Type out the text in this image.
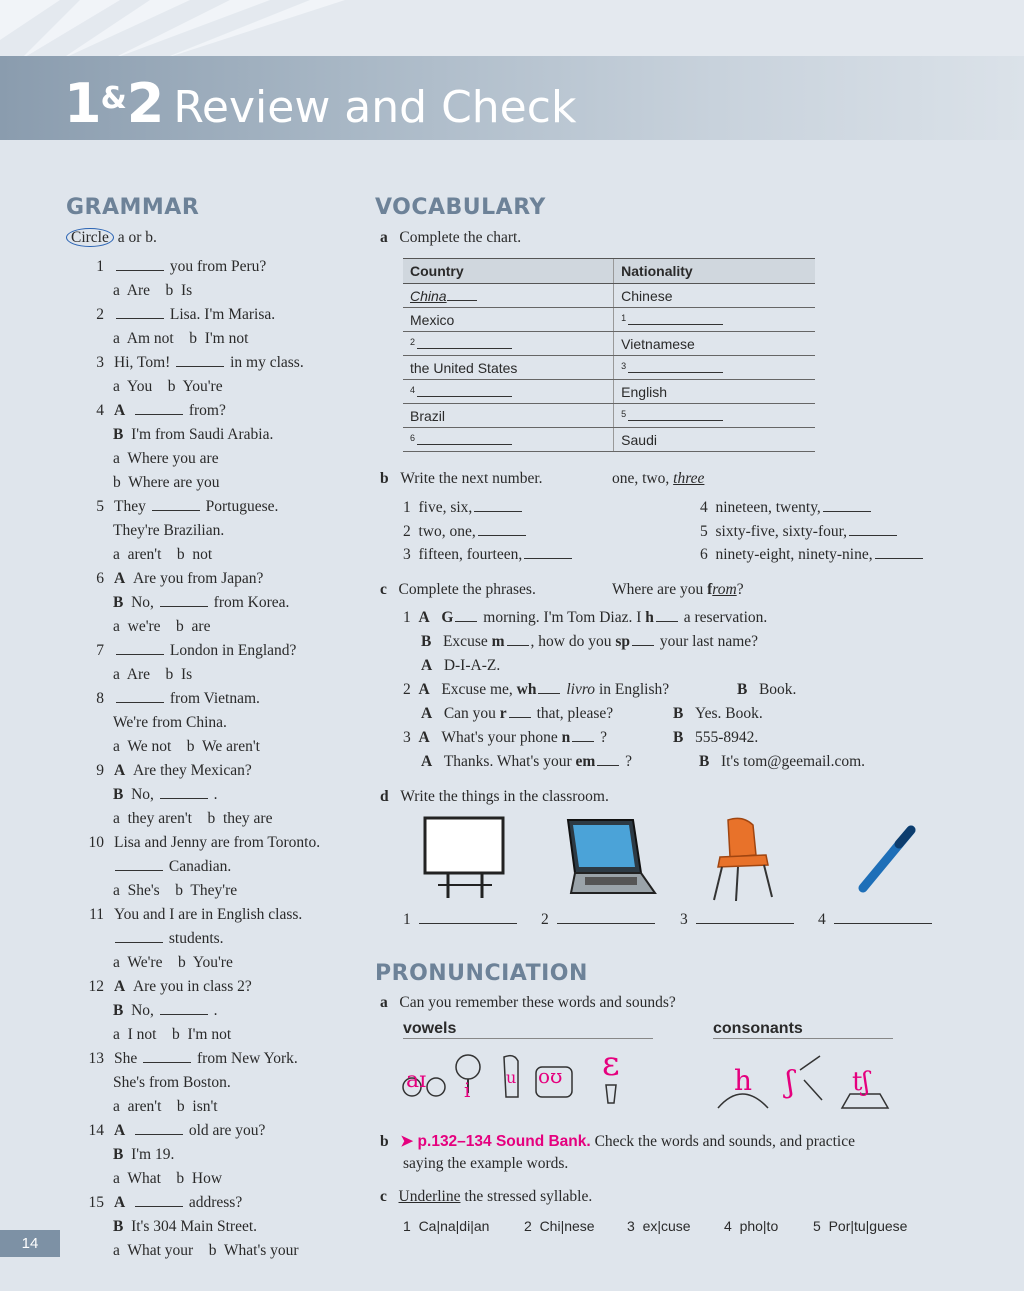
1&2 Review and Check
GRAMMAR
Circle a or b.
1	you from Peru?
a  Are    b  Is
2	Lisa. I'm Marisa.
a  Am not    b  I'm not
3 Hi, Tom!	in my class.
a  You    b  You're
4 A	from?
B I'm from Saudi Arabia.
a  Where you are
b  Where are you
5 They	Portuguese.
They're Brazilian.
a  aren't    b  not
6 A Are you from Japan?
B No,	from Korea.
a  we're    b  are
7	London in England?
a  Are    b  Is
8	from Vietnam.
We're from China.
a  We not    b  We aren't
9 A Are they Mexican?
B No,	.
a  they aren't    b  they are
10 Lisa and Jenny are from Toronto.
Canadian.
a  She's    b  They're
11 You and I are in English class.
students.
a  We're    b  You're
12 A Are you in class 2?
B No,	.
a  I not    b  I'm not
13 She	from New York.
She's from Boston.
a  aren't    b  isn't
14 A	old are you?
B I'm 19.
a  What    b  How
15 A	address?
B It's 304 Main Street.
a  What your    b  What's your
VOCABULARY
a Complete the chart.
Country	Nationality
China	Chinese
Mexico	$^1$
$^2$	Vietnamese
the United States	$^3$
$^4$	English
Brazil	$^5$
$^6$	Saudi
b Write the next number.	one, two, three
1  five, six,
2  two, one,
3  fifteen, fourteen,
4  nineteen, twenty,
5  sixty-five, sixty-four,
6  ninety-eight, ninety-nine,
c Complete the phrases.	Where are you from?
1 A G morning. I'm Tom Diaz. I h a reservation.
B Excuse m , how do you sp your last name?
A D-I-A-Z.
2 A Excuse me, wh livro in English?	B Book.
A Can you r that, please?	B Yes. Book.
3 A What's your phone n ?	B 555-8942.
A Thanks. What's your em ?	B It's tom@geemail.com.
d Write the things in the classroom.
1	2	3	4
PRONUNCIATION
a Can you remember these words and sounds?
vowels	consonants
aɪ i
u oʊ ɛ	h ʃ tʃ
b ➤ p.132–134 Sound Bank. Check the words and sounds, and practice
saying the example words.
c Underline the stressed syllable.
1  Ca|na|di|an 2  Chi|nese 3  ex|cuse 4  pho|to 5  Por|tu|guese
14
